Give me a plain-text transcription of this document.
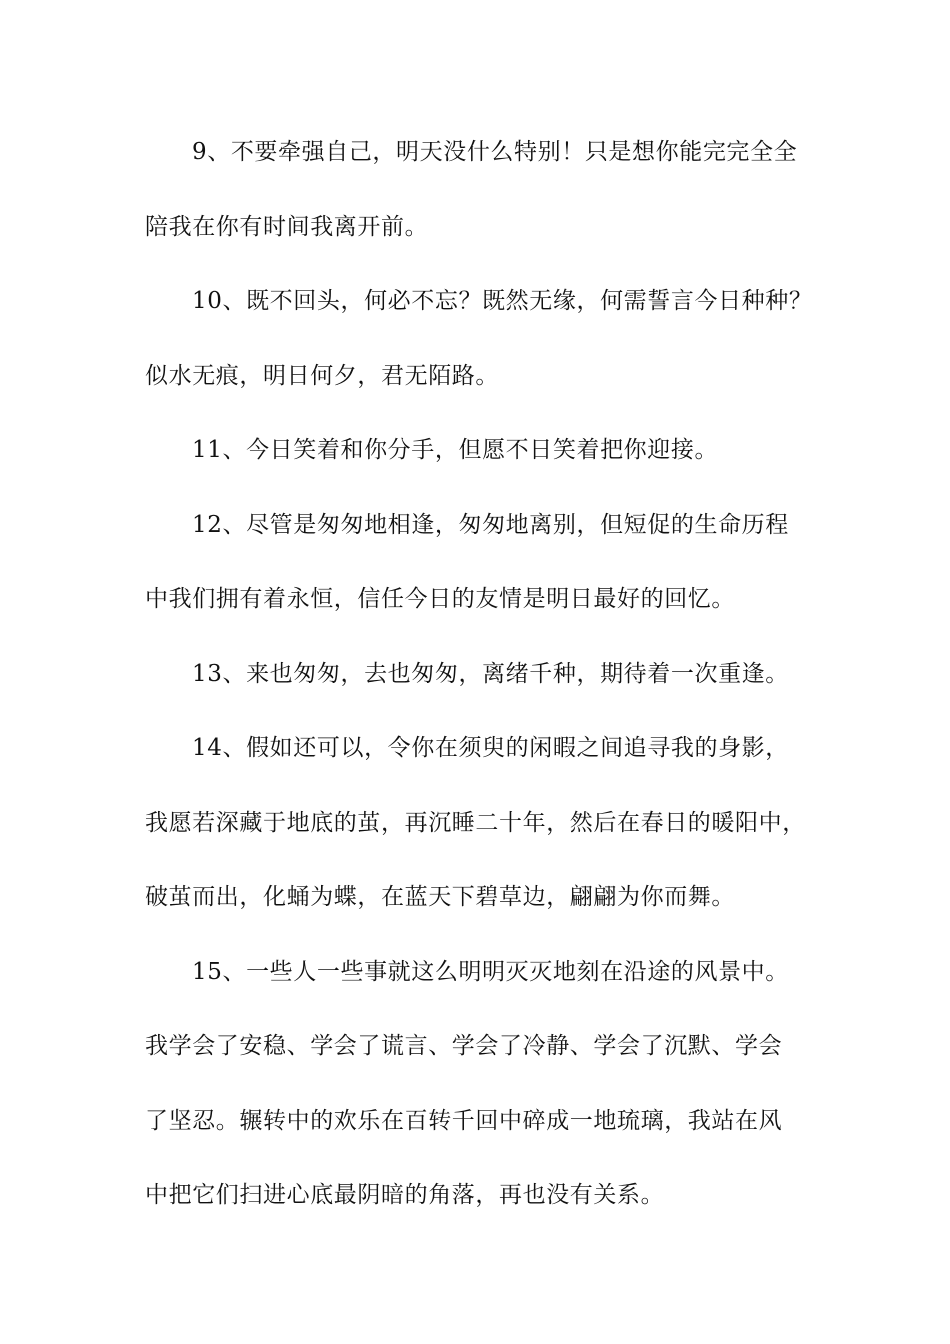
9、不要牵强自己，明天没什么特别！只是想你能完完全全
陪我在你有时间我离开前。
10、既不回头，何必不忘？既然无缘，何需誓言今日种种？
似水无痕，明日何夕，君无陌路。
11、今日笑着和你分手，但愿不日笑着把你迎接。
12、尽管是匆匆地相逢，匆匆地离别，但短促的生命历程
中我们拥有着永恒，信任今日的友情是明日最好的回忆。
13、来也匆匆，去也匆匆，离绪千种，期待着一次重逢。
14、假如还可以，令你在须臾的闲暇之间追寻我的身影，
我愿若深藏于地底的茧，再沉睡二十年，然后在春日的暖阳中，
破茧而出，化蛹为蝶，在蓝天下碧草边，翩翩为你而舞。
15、一些人一些事就这么明明灭灭地刻在沿途的风景中。
我学会了安稳、学会了谎言、学会了冷静、学会了沉默、学会
了坚忍。辗转中的欢乐在百转千回中碎成一地琉璃，我站在风
中把它们扫进心底最阴暗的角落，再也没有关系。
